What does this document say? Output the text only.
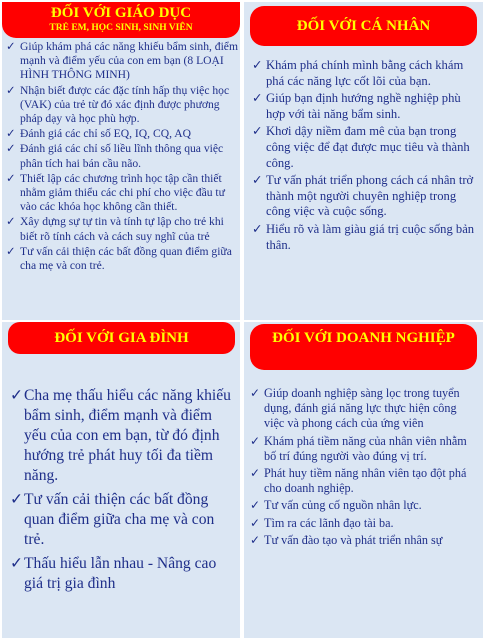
ĐỐI VỚI GIÁO DỤC
TRẺ EM, HỌC SINH, SINH VIÊN
✓ Giúp khám phá các năng khiếu bẩm sinh, điểm mạnh và điểm yếu của con em bạn (8 LOẠI HÌNH THÔNG MINH)
✓ Nhận biết được các đặc tính hấp thụ việc học (VAK) của trẻ từ đó xác định được phương pháp dạy và học phù hợp.
✓ Đánh giá các chỉ số EQ, IQ, CQ, AQ
✓ Đánh giá các chỉ số liều lĩnh thông qua việc phân tích hai bán cầu não.
✓ Thiết lập các chương trình học tập cần thiết nhằm giảm thiểu các chi phí cho việc đầu tư vào các khóa học không cần thiết.
✓ Xây dựng sự tự tin và tính tự lập cho trẻ khi biết rõ tính cách và cách suy nghĩ của trẻ
✓ Tư vấn cải thiện các bất đồng quan điểm giữa cha mẹ và con trẻ.
ĐỐI VỚI CÁ NHÂN
✓ Khám phá chính mình bằng cách khám phá các năng lực cốt lõi của bạn.
✓ Giúp bạn định hướng nghề nghiệp phù hợp với tài năng bẩm sinh.
✓ Khơi dậy niềm đam mê của bạn trong công việc để đạt được mục tiêu và thành công.
✓ Tư vấn phát triển phong cách cá nhân trở thành một người chuyên nghiệp trong công việc và cuộc sống.
✓ Hiểu rõ và làm giàu giá trị cuộc sống bản thân.
ĐỐI VỚI GIA ĐÌNH
✓ Cha mẹ thấu hiểu các năng khiếu bẩm sinh, điểm mạnh và điểm yếu của con em bạn, từ đó định hướng trẻ phát huy tối đa tiềm năng.
✓ Tư vấn cải thiện các bất đồng quan điểm giữa cha mẹ và con trẻ.
✓ Thấu hiểu lẫn nhau - Nâng cao giá trị gia đình
ĐỐI VỚI DOANH NGHIỆP
✓ Giúp doanh nghiệp sàng lọc trong tuyển dụng, đánh giá năng lực thực hiện công việc và phong cách của ứng viên
✓ Khám phá tiềm năng của nhân viên nhằm bố trí đúng người vào đúng vị trí.
✓ Phát huy tiềm năng nhân viên tạo đột phá cho doanh nghiệp.
✓ Tư vấn củng cố nguồn nhân lực.
✓ Tìm ra các lãnh đạo tài ba.
✓ Tư vấn đào tạo và phát triển nhân sự
